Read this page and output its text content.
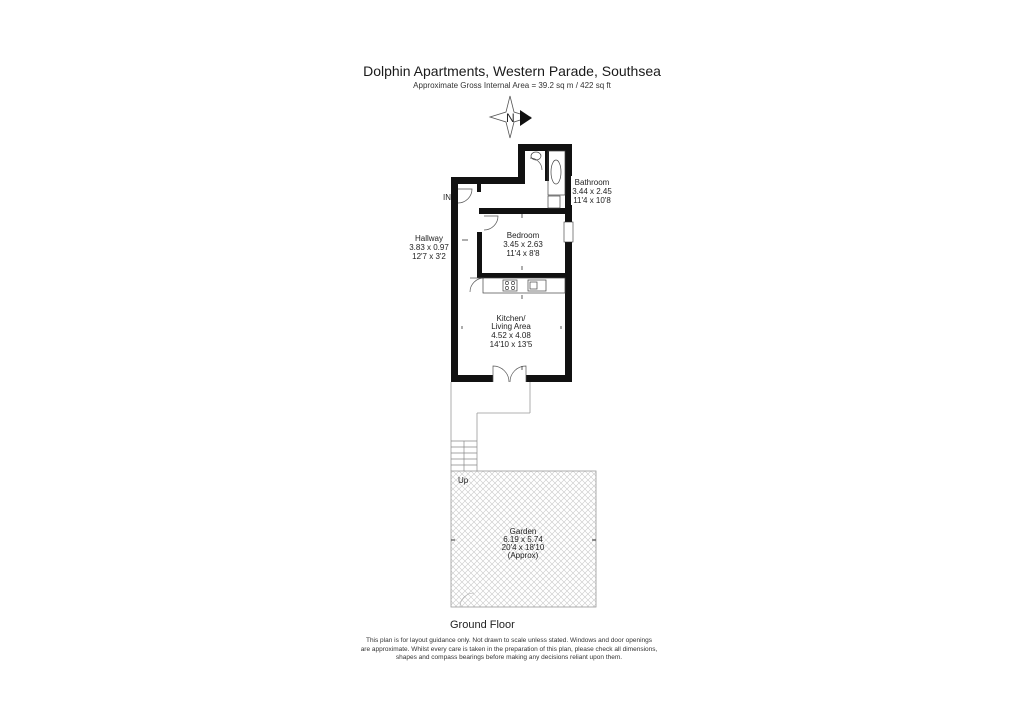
Dolphin Apartments, Western Parade, Southsea
Approximate Gross Internal Area = 39.2 sq m / 422 sq ft
N
Bathroom
3.44 x 2.45
11'4 x 10'8
Hallway
3.83 x 0.97
12'7 x 3'2
Bedroom
3.45 x 2.63
11'4 x 8'8
Kitchen/
Living Area
4.52 x 4.08
14'10 x 13'5
Garden
6.19 x 5.74
20'4 x 18'10
(Approx)
IN
Up
Ground Floor
This plan is for layout guidance only. Not drawn to scale unless stated. Windows and door openings
are approximate. Whilst every care is taken in the preparation of this plan, please check all dimensions,
shapes and compass bearings before making any decisions reliant upon them.
